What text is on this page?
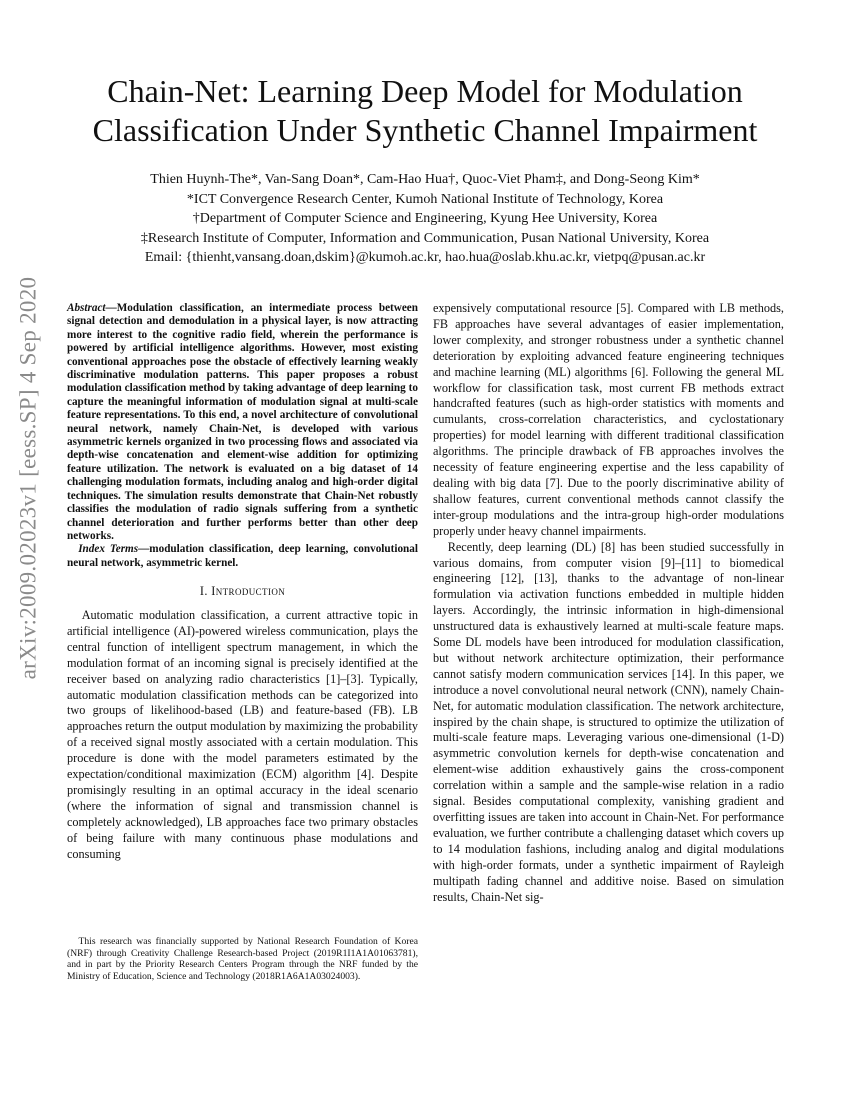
arXiv:2009.02023v1 [eess.SP] 4 Sep 2020
Chain-Net: Learning Deep Model for Modulation
Classification Under Synthetic Channel Impairment
Thien Huynh-The*, Van-Sang Doan*, Cam-Hao Hua†, Quoc-Viet Pham‡, and Dong-Seong Kim*
*ICT Convergence Research Center, Kumoh National Institute of Technology, Korea
†Department of Computer Science and Engineering, Kyung Hee University, Korea
‡Research Institute of Computer, Information and Communication, Pusan National University, Korea
Email: {thienht,vansang.doan,dskim}@kumoh.ac.kr, hao.hua@oslab.khu.ac.kr, vietpq@pusan.ac.kr
Abstract—Modulation classification, an intermediate process between signal detection and demodulation in a physical layer, is now attracting more interest to the cognitive radio field, wherein the performance is powered by artificial intelligence algorithms. However, most existing conventional approaches pose the obstacle of effectively learning weakly discriminative modulation patterns. This paper proposes a robust modulation classification method by taking advantage of deep learning to capture the meaningful information of modulation signal at multi-scale feature representations. To this end, a novel architecture of convolutional neural network, namely Chain-Net, is developed with various asymmetric kernels organized in two processing flows and associated via depth-wise concatenation and element-wise addition for optimizing feature utilization. The network is evaluated on a big dataset of 14 challenging modulation formats, including analog and high-order digital techniques. The simulation results demonstrate that Chain-Net robustly classifies the modulation of radio signals suffering from a synthetic channel deterioration and further performs better than other deep networks.
Index Terms—modulation classification, deep learning, convolutional neural network, asymmetric kernel.
I. Introduction

Automatic modulation classification, a current attractive topic in artificial intelligence (AI)-powered wireless communication, plays the central function of intelligent spectrum management, in which the modulation format of an incoming signal is precisely identified at the receiver based on analyzing radio characteristics [1]–[3]. Typically, automatic modulation classification methods can be categorized into two groups of likelihood-based (LB) and feature-based (FB). LB approaches return the output modulation by maximizing the probability of a received signal mostly associated with a certain modulation. This procedure is done with the model parameters estimated by the expectation/conditional maximization (ECM) algorithm [4]. Despite promisingly resulting in an optimal accuracy in the ideal scenario (where the information of signal and transmission channel is completely acknowledged), LB approaches face two primary obstacles of being failure with many continuous phase modulations and consuming

This research was financially supported by National Research Foundation of Korea (NRF) through Creativity Challenge Research-based Project (2019R1I1A1A01063781), and in part by the Priority Research Centers Program through the NRF funded by the Ministry of Education, Science and Technology (2018R1A6A1A03024003).

expensively computational resource [5]. Compared with LB methods, FB approaches have several advantages of easier implementation, lower complexity, and stronger robustness under a synthetic channel deterioration by exploiting advanced feature engineering techniques and machine learning (ML) algorithms [6]. Following the general ML workflow for classification task, most current FB methods extract handcrafted features (such as high-order statistics with moments and cumulants, cross-correlation characteristics, and cyclostationary properties) for model learning with different traditional classification algorithms. The principle drawback of FB approaches involves the necessity of feature engineering expertise and the less capability of dealing with big data [7]. Due to the poorly discriminative ability of shallow features, current conventional methods cannot classify the inter-group modulations and the intra-group high-order modulations properly under heavy channel impairments.

Recently, deep learning (DL) [8] has been studied successfully in various domains, from computer vision [9]–[11] to biomedical engineering [12], [13], thanks to the advantage of non-linear formulation via activation functions embedded in multiple hidden layers. Accordingly, the intrinsic information in high-dimensional unstructured data is exhaustively learned at multi-scale feature maps. Some DL models have been introduced for modulation classification, but without network architecture optimization, their performance cannot satisfy modern communication services [14]. In this paper, we introduce a novel convolutional neural network (CNN), namely Chain-Net, for automatic modulation classification. The network architecture, inspired by the chain shape, is structured to optimize the utilization of multi-scale feature maps. Leveraging various one-dimensional (1-D) asymmetric convolution kernels for depth-wise concatenation and element-wise addition exhaustively gains the cross-component correlation within a sample and the sample-wise relation in a radio signal. Besides computational complexity, vanishing gradient and overfitting issues are taken into account in Chain-Net. For performance evaluation, we further contribute a challenging dataset which covers up to 14 modulation fashions, including analog and digital modulations with high-order formats, under a synthetic impairment of Rayleigh multipath fading channel and additive noise. Based on simulation results, Chain-Net sig-
